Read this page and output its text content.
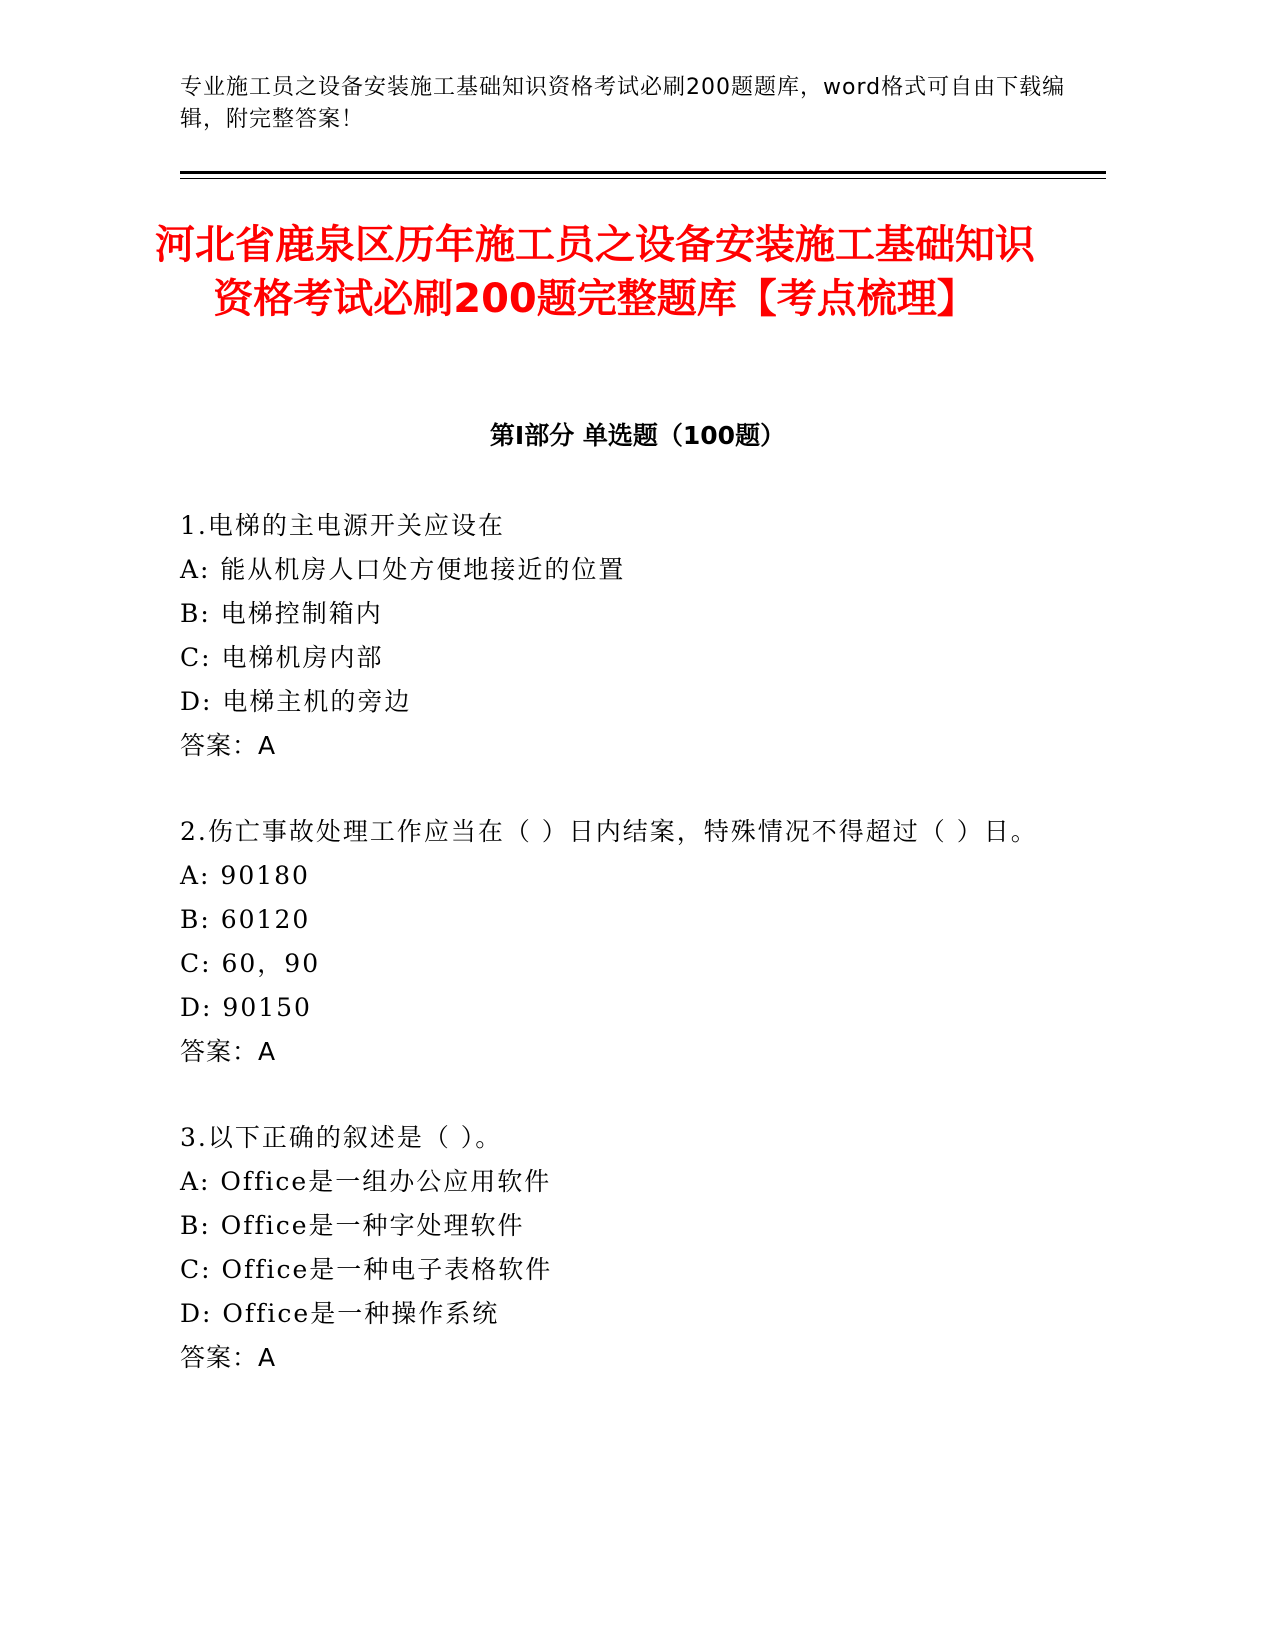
专业施工员之设备安装施工基础知识资格考试必刷200题题库，word格式可自由下载编辑，附完整答案！
河北省鹿泉区历年施工员之设备安装施工基础知识资格考试必刷200题完整题库【考点梳理】
第I部分 单选题（100题）
1.电梯的主电源开关应设在
A: 能从机房人口处方便地接近的位置
B: 电梯控制箱内
C: 电梯机房内部
D: 电梯主机的旁边
答案：A
2.伤亡事故处理工作应当在（ ）日内结案，特殊情况不得超过（ ）日。
A: 90180
B: 60120
C: 60，90
D: 90150
答案：A
3.以下正确的叙述是（ ）。
A: Office是一组办公应用软件
B: Office是一种字处理软件
C: Office是一种电子表格软件
D: Office是一种操作系统
答案：A
